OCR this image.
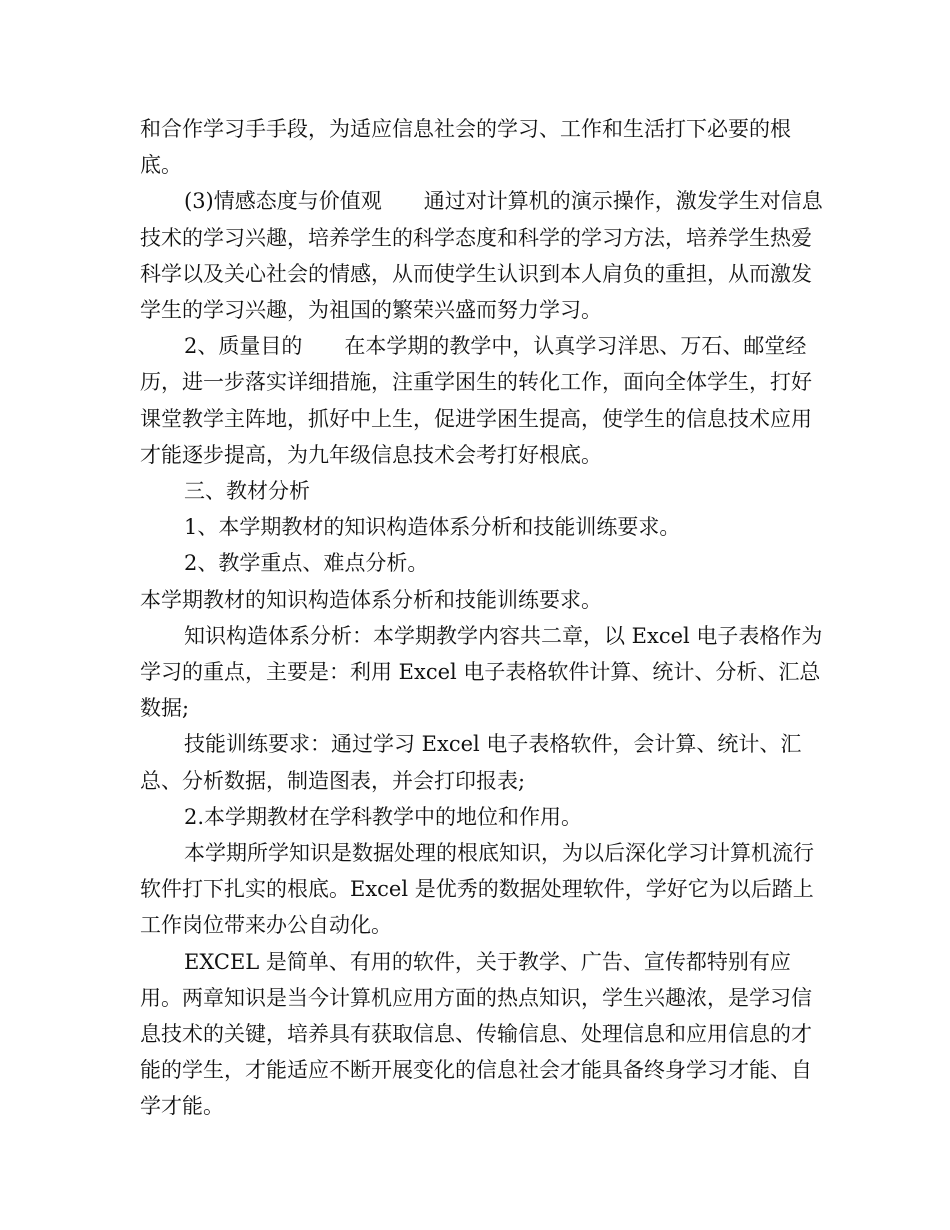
和合作学习手手段，为适应信息社会的学习、工作和生活打下必要的根底。

(3)情感态度与价值观　　通过对计算机的演示操作，激发学生对信息技术的学习兴趣，培养学生的科学态度和科学的学习方法，培养学生热爱科学以及关心社会的情感，从而使学生认识到本人肩负的重担，从而激发学生的学习兴趣，为祖国的繁荣兴盛而努力学习。

2、质量目的　　在本学期的教学中，认真学习洋思、万石、邮堂经历，进一步落实详细措施，注重学困生的转化工作，面向全体学生，打好课堂教学主阵地，抓好中上生，促进学困生提高，使学生的信息技术应用才能逐步提高，为九年级信息技术会考打好根底。

三、教材分析

1、本学期教材的知识构造体系分析和技能训练要求。

2、教学重点、难点分析。

本学期教材的知识构造体系分析和技能训练要求。

知识构造体系分析：本学期教学内容共二章，以 Excel 电子表格作为学习的重点，主要是：利用 Excel 电子表格软件计算、统计、分析、汇总数据;

技能训练要求：通过学习 Excel 电子表格软件，会计算、统计、汇总、分析数据，制造图表，并会打印报表;

2.本学期教材在学科教学中的地位和作用。

本学期所学知识是数据处理的根底知识，为以后深化学习计算机流行软件打下扎实的根底。Excel 是优秀的数据处理软件，学好它为以后踏上工作岗位带来办公自动化。

EXCEL 是简单、有用的软件，关于教学、广告、宣传都特别有应用。两章知识是当今计算机应用方面的热点知识，学生兴趣浓，是学习信息技术的关键，培养具有获取信息、传输信息、处理信息和应用信息的才能的学生，才能适应不断开展变化的信息社会才能具备终身学习才能、自学才能。
